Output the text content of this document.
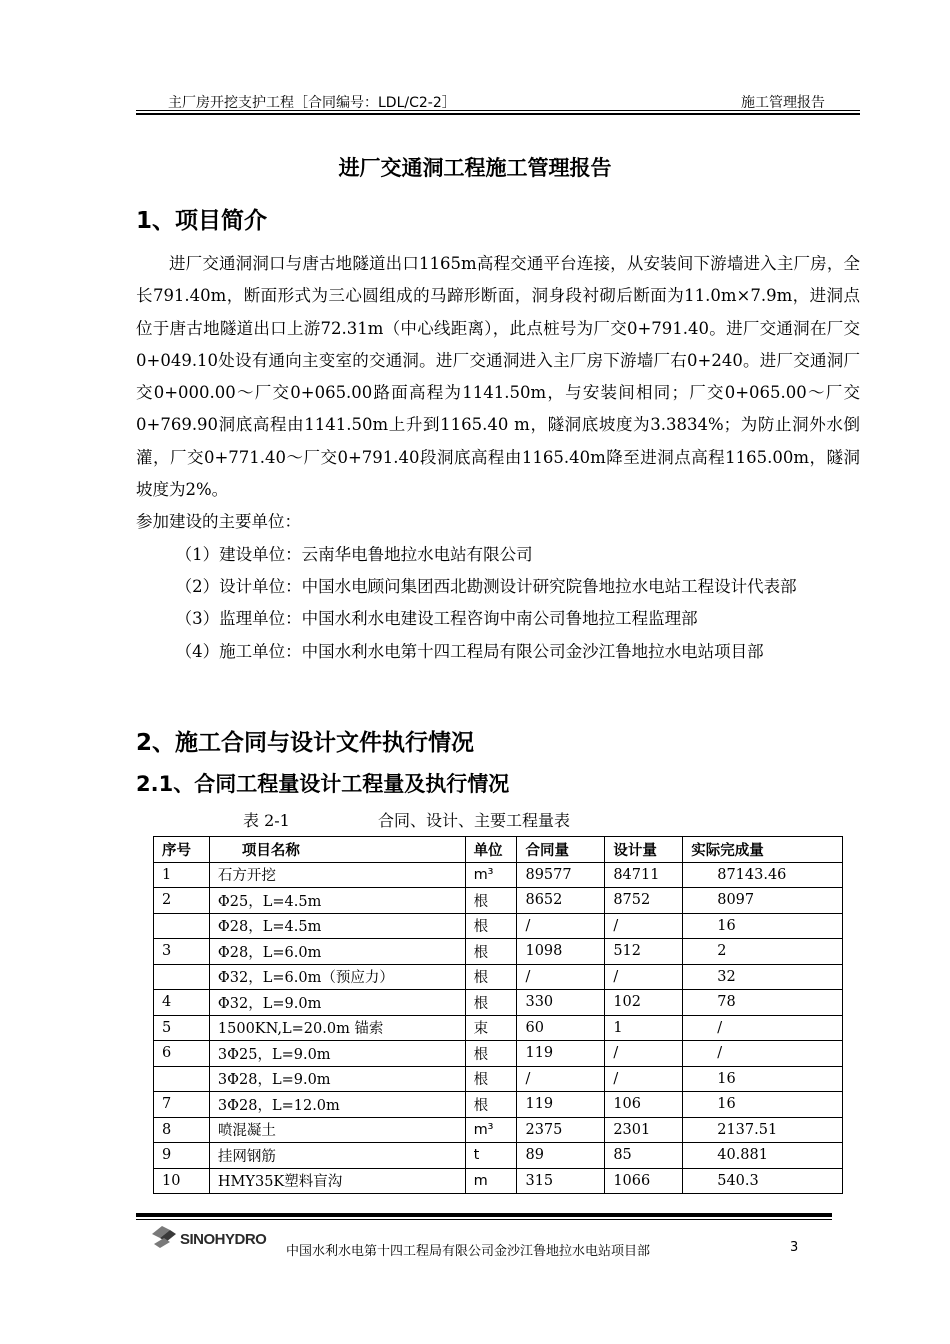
主厂房开挖支护工程［合同编号：LDL/C2-2］	施工管理报告
进厂交通洞工程施工管理报告
1、项目简介

进厂交通洞洞口与唐古地隧道出口1165m高程交通平台连接，从安装间下游墙进入主厂房，全长791.40m，断面形式为三心圆组成的马蹄形断面，洞身段衬砌后断面为11.0m×7.9m，进洞点位于唐古地隧道出口上游72.31m（中心线距离），此点桩号为厂交0+791.40。进厂交通洞在厂交0+049.10处设有通向主变室的交通洞。进厂交通洞进入主厂房下游墙厂右0+240。进厂交通洞厂交0+000.00～厂交0+065.00路面高程为1141.50m，与安装间相同；厂交0+065.00～厂交0+769.90洞底高程由1141.50m上升到1165.40 m，隧洞底坡度为3.3834%；为防止洞外水倒灌，厂交0+771.40～厂交0+791.40段洞底高程由1165.40m降至进洞点高程1165.00m，隧洞坡度为2%。

参加建设的主要单位：

（1）建设单位：云南华电鲁地拉水电站有限公司

（2）设计单位：中国水电顾问集团西北勘测设计研究院鲁地拉水电站工程设计代表部

（3）监理单位：中国水利水电建设工程咨询中南公司鲁地拉工程监理部

（4）施工单位：中国水利水电第十四工程局有限公司金沙江鲁地拉水电站项目部

2、施工合同与设计文件执行情况
2.1、合同工程量设计工程量及执行情况
表 2-1	合同、设计、主要工程量表
序号	项目名称	单位	合同量	设计量	实际完成量
1	石方开挖	m³	89577	84711	87143.46
2	Φ25，L=4.5m	根	8652	8752	8097
	Φ28，L=4.5m	根	/	/	16
3	Φ28，L=6.0m	根	1098	512	2
	Φ32，L=6.0m（预应力）	根	/	/	32
4	Φ32，L=9.0m	根	330	102	78
5	1500KN,L=20.0m 锚索	束	60	1	/
6	3Φ25，L=9.0m	根	119	/	/
	3Φ28，L=9.0m	根	/	/	16
7	3Φ28，L=12.0m	根	119	106	16
8	喷混凝土	m³	2375	2301	2137.51
9	挂网钢筋	t	89	85	40.881
10	HMY35K塑料盲沟	m	315	1066	540.3
SINOHYDRO
中国水利水电第十四工程局有限公司金沙江鲁地拉水电站项目部	3
